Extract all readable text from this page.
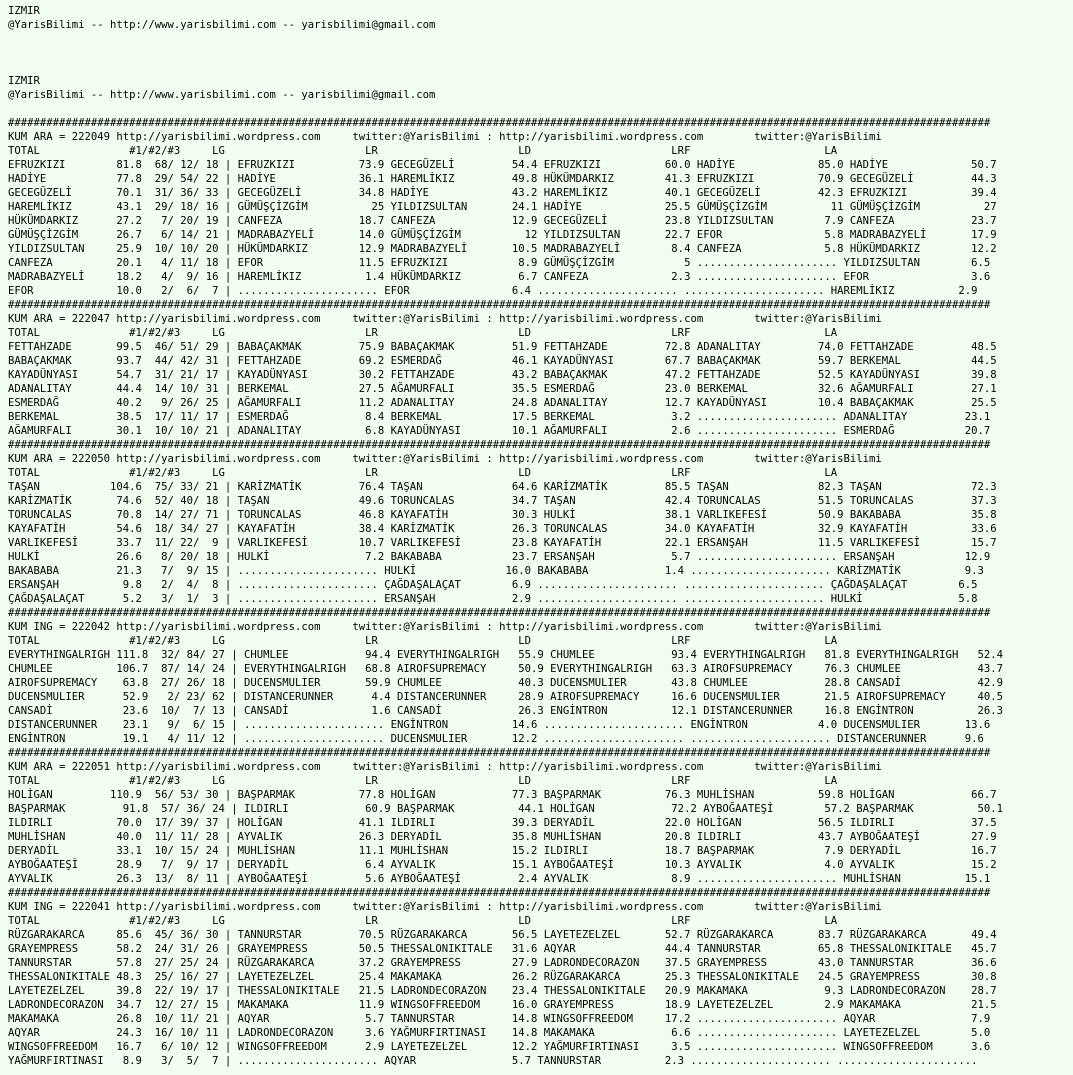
IZMIR
@YarisBilimi -- http://www.yarisbilimi.com -- yarisbilimi@gmail.com
IZMIR
@YarisBilimi -- http://www.yarisbilimi.com -- yarisbilimi@gmail.com
##########################################################################################################################################################
KUM ARA = 222049 http://yarisbilimi.wordpress.com     twitter:@YarisBilimi : http://yarisbilimi.wordpress.com        twitter:@YarisBilimi
TOTAL              #1/#2/#3     LG                      LR                      LD                      LRF                     LA
EFRUZKIZI        81.8  68/ 12/ 18 | EFRUZKIZI          73.9 GECEGÜZELİ         54.4 EFRUZKIZI          60.0 HADİYE             85.0 HADİYE             50.7
HADİYE           77.8  29/ 54/ 22 | HADİYE             36.1 HAREMLİKIZ         49.8 HÜKÜMDARKIZ        41.3 EFRUZKIZI          70.9 GECEGÜZELİ         44.3
GECEGÜZELİ       70.1  31/ 36/ 33 | GECEGÜZELİ         34.8 HADİYE             43.2 HAREMLİKIZ         40.1 GECEGÜZELİ         42.3 EFRUZKIZI          39.4
HAREMLİKIZ       43.1  29/ 18/ 16 | GÜMÜŞÇİZGİM          25 YILDIZSULTAN       24.1 HADİYE             25.5 GÜMÜŞÇİZGİM          11 GÜMÜŞÇİZGİM          27
HÜKÜMDARKIZ      27.2   7/ 20/ 19 | CANFEZA            18.7 CANFEZA            12.9 GECEGÜZELİ         23.8 YILDIZSULTAN        7.9 CANFEZA            23.7
GÜMÜŞÇİZGİM      26.7   6/ 14/ 21 | MADRABAZYELİ       14.0 GÜMÜŞÇİZGİM          12 YILDIZSULTAN       22.7 EFOR                5.8 MADRABAZYELİ       17.9
YILDIZSULTAN     25.9  10/ 10/ 20 | HÜKÜMDARKIZ        12.9 MADRABAZYELİ       10.5 MADRABAZYELİ        8.4 CANFEZA             5.8 HÜKÜMDARKIZ        12.2
CANFEZA          20.1   4/ 11/ 18 | EFOR               11.5 EFRUZKIZI           8.9 GÜMÜŞÇİZGİM           5 ...................... YILDIZSULTAN        6.5
MADRABAZYELİ     18.2   4/  9/ 16 | HAREMLİKIZ          1.4 HÜKÜMDARKIZ         6.7 CANFEZA             2.3 ...................... EFOR                3.6
EFOR             10.0   2/  6/  7 | ...................... EFOR                6.4 ...................... ...................... HAREMLİKIZ          2.9
##########################################################################################################################################################
KUM ARA = 222047 http://yarisbilimi.wordpress.com     twitter:@YarisBilimi : http://yarisbilimi.wordpress.com        twitter:@YarisBilimi
TOTAL              #1/#2/#3     LG                      LR                      LD                      LRF                     LA
FETTAHZADE       99.5  46/ 51/ 29 | BABAÇAKMAK         75.9 BABAÇAKMAK         51.9 FETTAHZADE         72.8 ADANALITAY         74.0 FETTAHZADE         48.5
BABAÇAKMAK       93.7  44/ 42/ 31 | FETTAHZADE         69.2 ESMERDAĞ           46.1 KAYADÜNYASI        67.7 BABAÇAKMAK         59.7 BERKEMAL           44.5
KAYADÜNYASI      54.7  31/ 21/ 17 | KAYADÜNYASI        30.2 FETTAHZADE         43.2 BABAÇAKMAK         47.2 FETTAHZADE         52.5 KAYADÜNYASI        39.8
ADANALITAY       44.4  14/ 10/ 31 | BERKEMAL           27.5 AĞAMURFALI         35.5 ESMERDAĞ           23.0 BERKEMAL           32.6 AĞAMURFALI         27.1
ESMERDAĞ         40.2   9/ 26/ 25 | AĞAMURFALI         11.2 ADANALITAY         24.8 ADANALITAY         12.7 KAYADÜNYASI        10.4 BABAÇAKMAK         25.5
BERKEMAL         38.5  17/ 11/ 17 | ESMERDAĞ            8.4 BERKEMAL           17.5 BERKEMAL            3.2 ...................... ADANALITAY         23.1
AĞAMURFALI       30.1  10/ 10/ 21 | ADANALITAY          6.8 KAYADÜNYASI        10.1 AĞAMURFALI          2.6 ...................... ESMERDAĞ           20.7
##########################################################################################################################################################
KUM ARA = 222050 http://yarisbilimi.wordpress.com     twitter:@YarisBilimi : http://yarisbilimi.wordpress.com        twitter:@YarisBilimi
TOTAL              #1/#2/#3     LG                      LR                      LD                      LRF                     LA
TAŞAN           104.6  75/ 33/ 21 | KARİZMATİK         76.4 TAŞAN              64.6 KARİZMATİK         85.5 TAŞAN              82.3 TAŞAN              72.3
KARİZMATİK       74.6  52/ 40/ 18 | TAŞAN              49.6 TORUNCALAS         34.7 TAŞAN              42.4 TORUNCALAS         51.5 TORUNCALAS         37.3
TORUNCALAS       70.8  14/ 27/ 71 | TORUNCALAS         46.8 KAYAFATİH          30.3 HULKİ              38.1 VARLIKEFESİ        50.9 BAKABABA           35.8
KAYAFATİH        54.6  18/ 34/ 27 | KAYAFATİH          38.4 KARİZMATİK         26.3 TORUNCALAS         34.0 KAYAFATİH          32.9 KAYAFATİH          33.6
VARLIKEFESİ      33.7  11/ 22/  9 | VARLIKEFESİ        10.7 VARLIKEFESİ        23.8 KAYAFATİH          22.1 ERSANŞAH           11.5 VARLIKEFESİ        15.7
HULKİ            26.6   8/ 20/ 18 | HULKİ               7.2 BAKABABA           23.7 ERSANŞAH            5.7 ...................... ERSANŞAH           12.9
BAKABABA         21.3   7/  9/ 15 | ...................... HULKİ              16.0 BAKABABA            1.4 ...................... KARİZMATİK          9.3
ERSANŞAH          9.8   2/  4/  8 | ...................... ÇAĞDAŞALAÇAT        6.9 ...................... ...................... ÇAĞDAŞALAÇAT        6.5
ÇAĞDAŞALAÇAT      5.2   3/  1/  3 | ...................... ERSANŞAH            2.9 ...................... ...................... HULKİ               5.8
##########################################################################################################################################################
KUM ING = 222042 http://yarisbilimi.wordpress.com     twitter:@YarisBilimi : http://yarisbilimi.wordpress.com        twitter:@YarisBilimi
TOTAL              #1/#2/#3     LG                      LR                      LD                      LRF                     LA
EVERYTHINGALRIGH 111.8  32/ 84/ 27 | CHUMLEE            94.4 EVERYTHINGALRIGH   55.9 CHUMLEE            93.4 EVERYTHINGALRIGH   81.8 EVERYTHINGALRIGH   52.4
CHUMLEE          106.7  87/ 14/ 24 | EVERYTHINGALRIGH   68.8 AIROFSUPREMACY     50.9 EVERYTHINGALRIGH   63.3 AIROFSUPREMACY     76.3 CHUMLEE            43.7
AIROFSUPREMACY    63.8  27/ 26/ 18 | DUCENSMULIER       59.9 CHUMLEE            40.3 DUCENSMULIER       43.8 CHUMLEE            28.8 CANSADİ            42.9
DUCENSMULIER      52.9   2/ 23/ 62 | DISTANCERUNNER      4.4 DISTANCERUNNER     28.9 AIROFSUPREMACY     16.6 DUCENSMULIER       21.5 AIROFSUPREMACY     40.5
CANSADİ           23.6  10/  7/ 13 | CANSADİ             1.6 CANSADİ            26.3 ENGİNTRON          12.1 DISTANCERUNNER     16.8 ENGİNTRON          26.3
DISTANCERUNNER    23.1   9/  6/ 15 | ...................... ENGİNTRON          14.6 ...................... ENGİNTRON           4.0 DUCENSMULIER       13.6
ENGİNTRON         19.1   4/ 11/ 12 | ...................... DUCENSMULIER       12.2 ...................... ...................... DISTANCERUNNER      9.6
##########################################################################################################################################################
KUM ARA = 222051 http://yarisbilimi.wordpress.com     twitter:@YarisBilimi : http://yarisbilimi.wordpress.com        twitter:@YarisBilimi
TOTAL              #1/#2/#3     LG                      LR                      LD                      LRF                     LA
HOLİGAN         110.9  56/ 53/ 30 | BAŞPARMAK          77.8 HOLİGAN            77.3 BAŞPARMAK          76.3 MUHLİSHAN          59.8 HOLİGAN            66.7
BAŞPARMAK         91.8  57/ 36/ 24 | ILDIRLI            60.9 BAŞPARMAK          44.1 HOLİGAN            72.2 AYBOĞAATEŞİ        57.2 BAŞPARMAK          50.1
ILDIRLI          70.0  17/ 39/ 37 | HOLİGAN            41.1 ILDIRLI            39.3 DERYADİL           22.0 HOLİGAN            56.5 ILDIRLI            37.5
MUHLİSHAN        40.0  11/ 11/ 28 | AYVALIK            26.3 DERYADİL           35.8 MUHLİSHAN          20.8 ILDIRLI            43.7 AYBOĞAATEŞİ        27.9
DERYADİL         33.1  10/ 15/ 24 | MUHLİSHAN          11.1 MUHLİSHAN          15.2 ILDIRLI            18.7 BAŞPARMAK           7.9 DERYADİL           16.7
AYBOĞAATEŞİ      28.9   7/  9/ 17 | DERYADİL            6.4 AYVALIK            15.1 AYBOĞAATEŞİ        10.3 AYVALIK             4.0 AYVALIK            15.2
AYVALIK          26.3  13/  8/ 11 | AYBOĞAATEŞİ         5.6 AYBOĞAATEŞİ         2.4 AYVALIK             8.9 ...................... MUHLİSHAN          15.1
##########################################################################################################################################################
KUM ING = 222041 http://yarisbilimi.wordpress.com     twitter:@YarisBilimi : http://yarisbilimi.wordpress.com        twitter:@YarisBilimi
TOTAL              #1/#2/#3     LG                      LR                      LD                      LRF                     LA
RÜZGARAKARCA     85.6  45/ 36/ 30 | TANNURSTAR         70.5 RÜZGARAKARCA       56.5 LAYETEZELZEL       52.7 RÜZGARAKARCA       83.7 RÜZGARAKARCA       49.4
GRAYEMPRESS      58.2  24/ 31/ 26 | GRAYEMPRESS        50.5 THESSALONIKITALE   31.6 AQYAR              44.4 TANNURSTAR         65.8 THESSALONIKITALE   45.7
TANNURSTAR       57.8  27/ 25/ 24 | RÜZGARAKARCA       37.2 GRAYEMPRESS        27.9 LADRONDECORAZON    37.5 GRAYEMPRESS        43.0 TANNURSTAR         36.6
THESSALONIKITALE 48.3  25/ 16/ 27 | LAYETEZELZEL       25.4 MAKAMAKA           26.2 RÜZGARAKARCA       25.3 THESSALONIKITALE   24.5 GRAYEMPRESS        30.8
LAYETEZELZEL     39.8  22/ 19/ 17 | THESSALONIKITALE   21.5 LADRONDECORAZON    23.4 THESSALONIKITALE   20.9 MAKAMAKA            9.3 LADRONDECORAZON    28.7
LADRONDECORAZON  34.7  12/ 27/ 15 | MAKAMAKA           11.9 WINGSOFFREEDOM     16.0 GRAYEMPRESS        18.9 LAYETEZELZEL        2.9 MAKAMAKA           21.5
MAKAMAKA         26.8  10/ 11/ 21 | AQYAR               5.7 TANNURSTAR         14.8 WINGSOFFREEDOM     17.2 ...................... AQYAR               7.9
AQYAR            24.3  16/ 10/ 11 | LADRONDECORAZON     3.6 YAĞMURFIRTINASI    14.8 MAKAMAKA            6.6 ...................... LAYETEZELZEL        5.0
WINGSOFFREEDOM   16.7   6/ 10/ 12 | WINGSOFFREEDOM      2.9 LAYETEZELZEL       12.2 YAĞMURFIRTINASI     3.5 ...................... WINGSOFFREEDOM      3.6
YAĞMURFIRTINASI   8.9   3/  5/  7 | ...................... AQYAR               5.7 TANNURSTAR          2.3 ...................... ......................
